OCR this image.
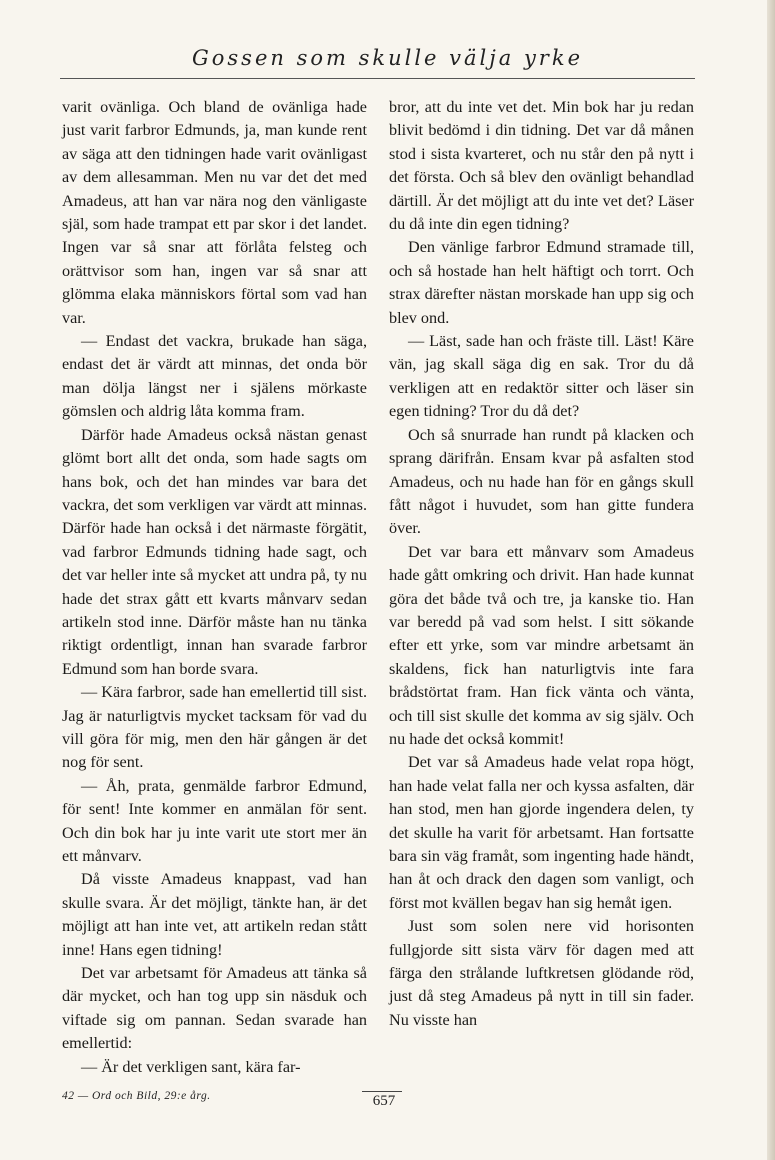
Gossen som skulle välja yrke

varit ovänliga. Och bland de ovänliga hade just varit farbror Edmunds, ja, man kunde rent av säga att den tidningen hade varit ovänligast av dem allesamman. Men nu var det det med Amadeus, att han var nära nog den vänligaste själ, som hade trampat ett par skor i det landet. Ingen var så snar att förlåta felsteg och orättvisor som han, ingen var så snar att glömma elaka människors förtal som vad han var.

— Endast det vackra, brukade han säga, endast det är värdt att minnas, det onda bör man dölja längst ner i själens mörkaste gömslen och aldrig låta komma fram.

Därför hade Amadeus också nästan genast glömt bort allt det onda, som hade sagts om hans bok, och det han mindes var bara det vackra, det som verkligen var värdt att minnas. Därför hade han också i det närmaste förgätit, vad farbror Edmunds tidning hade sagt, och det var heller inte så mycket att undra på, ty nu hade det strax gått ett kvarts månvarv sedan artikeln stod inne. Därför måste han nu tänka riktigt ordentligt, innan han svarade farbror Edmund som han borde svara.

— Kära farbror, sade han emellertid till sist. Jag är naturligtvis mycket tacksam för vad du vill göra för mig, men den här gången är det nog för sent.

— Åh, prata, genmälde farbror Edmund, för sent! Inte kommer en anmälan för sent. Och din bok har ju inte varit ute stort mer än ett månvarv.

Då visste Amadeus knappast, vad han skulle svara. Är det möjligt, tänkte han, är det möjligt att han inte vet, att artikeln redan stått inne! Hans egen tidning!

Det var arbetsamt för Amadeus att tänka så där mycket, och han tog upp sin näsduk och viftade sig om pannan. Sedan svarade han emellertid:

— Är det verkligen sant, kära far-

bror, att du inte vet det. Min bok har ju redan blivit bedömd i din tidning. Det var då månen stod i sista kvarteret, och nu står den på nytt i det första. Och så blev den ovänligt behandlad därtill. Är det möjligt att du inte vet det? Läser du då inte din egen tidning?

Den vänlige farbror Edmund stramade till, och så hostade han helt häftigt och torrt. Och strax därefter nästan morskade han upp sig och blev ond.

— Läst, sade han och fräste till. Läst! Käre vän, jag skall säga dig en sak. Tror du då verkligen att en redaktör sitter och läser sin egen tidning? Tror du då det?

Och så snurrade han rundt på klacken och sprang därifrån. Ensam kvar på asfalten stod Amadeus, och nu hade han för en gångs skull fått något i huvudet, som han gitte fundera över.

Det var bara ett månvarv som Amadeus hade gått omkring och drivit. Han hade kunnat göra det både två och tre, ja kanske tio. Han var beredd på vad som helst. I sitt sökande efter ett yrke, som var mindre arbetsamt än skaldens, fick han naturligtvis inte fara brådstörtat fram. Han fick vänta och vänta, och till sist skulle det komma av sig själv. Och nu hade det också kommit!

Det var så Amadeus hade velat ropa högt, han hade velat falla ner och kyssa asfalten, där han stod, men han gjorde ingendera delen, ty det skulle ha varit för arbetsamt. Han fortsatte bara sin väg framåt, som ingenting hade händt, han åt och drack den dagen som vanligt, och först mot kvällen begav han sig hemåt igen.

Just som solen nere vid horisonten fullgjorde sitt sista värv för dagen med att färga den strålande luftkretsen glödande röd, just då steg Amadeus på nytt in till sin fader. Nu visste han

42 — Ord och Bild, 29:e årg.	657
